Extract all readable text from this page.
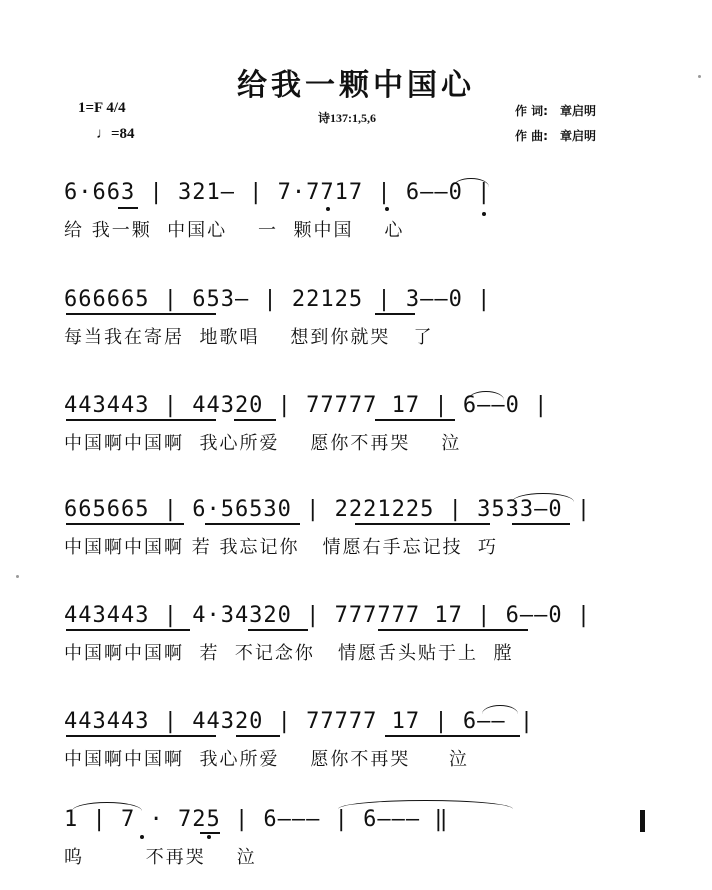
给我一颗中国心
1=F 4/4
♩=84
诗137:1,5,6	作 词: 章启明
作 曲: 章启明
6·663 | 321– | 7·7717 | 6––0 |
给 我一颗  中国心    一  颗中国    心
666665 | 653– | 22125 | 3––0 |
每当我在寄居  地歌唱    想到你就哭   了
443443 | 44320 | 77777 17 | 6––0 |
中国啊中国啊  我心所爱    愿你不再哭    泣
665665 | 6·56530 | 2221225 | 3533–0 |
中国啊中国啊 若 我忘记你   情愿右手忘记技  巧
443443 | 4·34320 | 777777 17 | 6––0 |
中国啊中国啊  若  不记念你   情愿舌头贴于上  膛
443443 | 44320 | 77777 17 | 6–– |
中国啊中国啊  我心所爱    愿你不再哭     泣
1 | 7 · 725 | 6––– | 6––– ‖
呜        不再哭    泣
